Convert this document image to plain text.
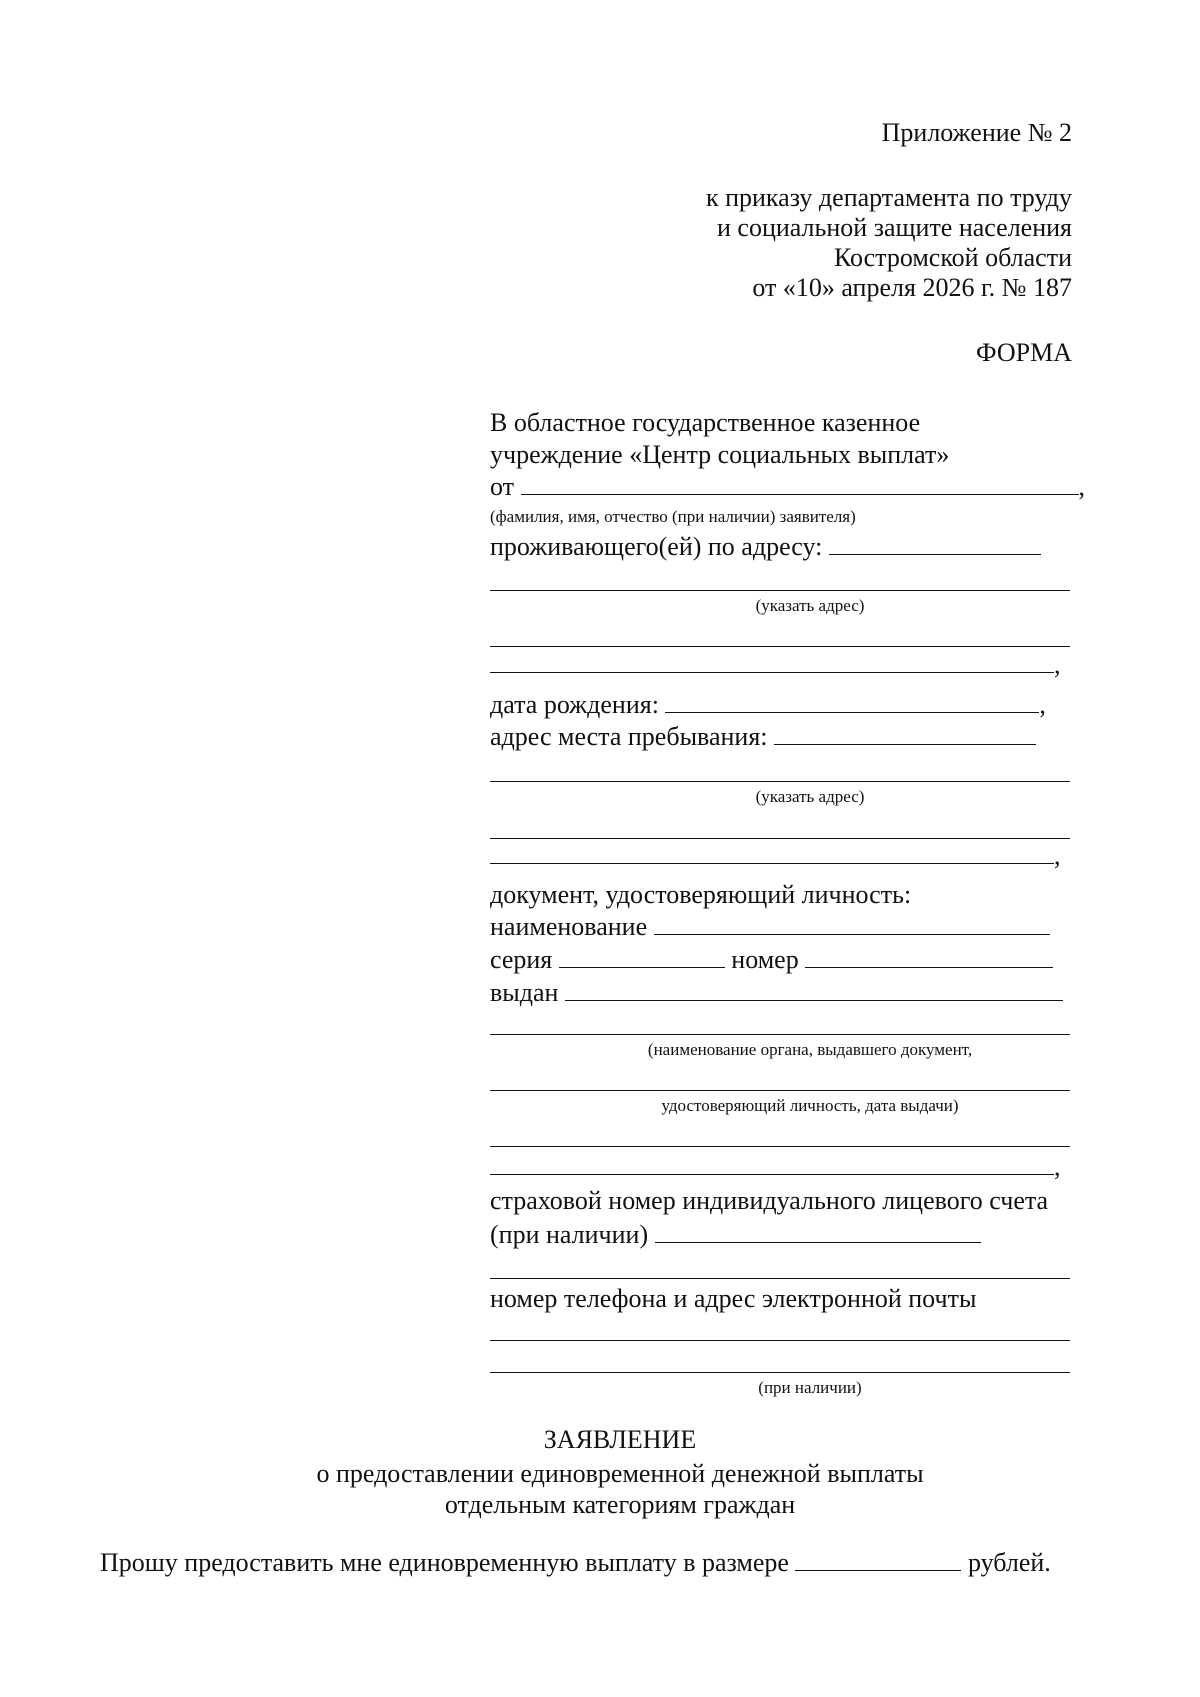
Приложение № 2
к приказу департамента по труду
и социальной защите населения
Костромской области
от «10» апреля 2026 г. № 187
ФОРМА
В областное государственное казенное
учреждение «Центр социальных выплат»
от	,
(фамилия, имя, отчество (при наличии) заявителя)
проживающего(ей) по адресу:
(указать адрес)
,
дата рождения:	,
адрес места пребывания:
(указать адрес)
,
документ, удостоверяющий личность:
наименование
серия	номер
выдан
(наименование органа, выдавшего документ,
удостоверяющий личность, дата выдачи)
,
страховой номер индивидуального лицевого счета
(при наличии)
номер телефона и адрес электронной почты
(при наличии)
ЗАЯВЛЕНИЕ
о предоставлении единовременной денежной выплаты
отдельным категориям граждан
Прошу предоставить мне единовременную выплату в размере	рублей.
